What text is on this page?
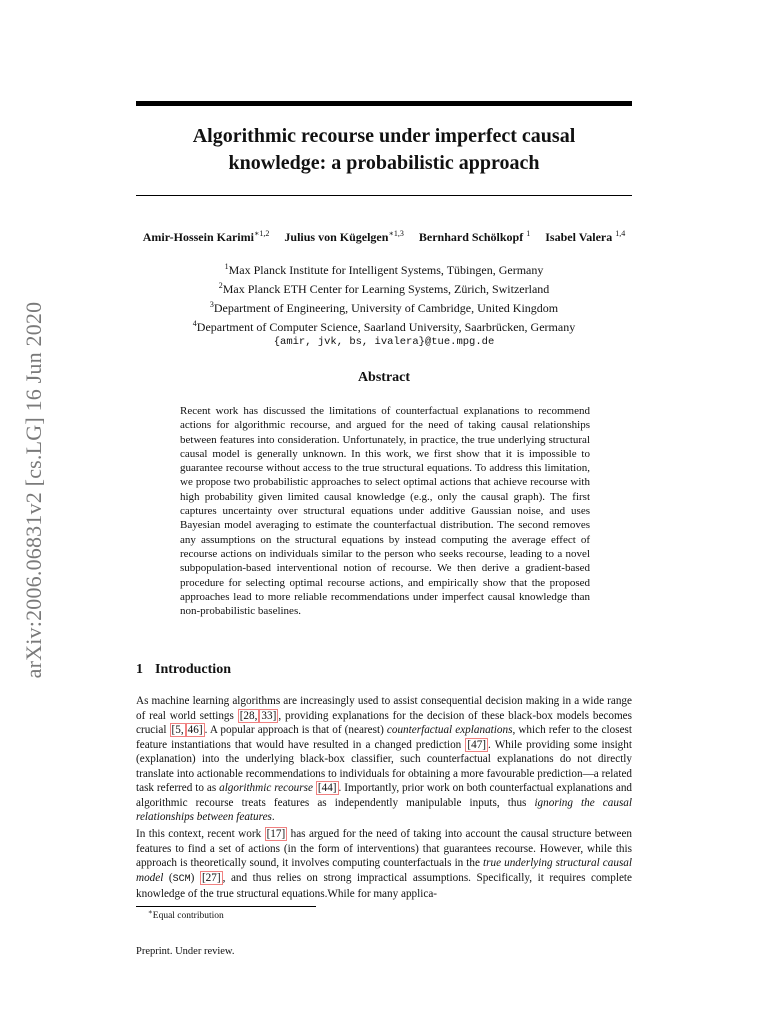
arXiv:2006.06831v2 [cs.LG] 16 Jun 2020
Algorithmic recourse under imperfect causal
knowledge: a probabilistic approach
Amir-Hossein Karimi$^{∗1,2}$ Julius von Kügelgen$^{∗1,3}$ Bernhard Schölkopf $^1$ Isabel Valera $^{1,4}$
$^1$Max Planck Institute for Intelligent Systems, Tübingen, Germany
$^2$Max Planck ETH Center for Learning Systems, Zürich, Switzerland
$^3$Department of Engineering, University of Cambridge, United Kingdom
$^4$Department of Computer Science, Saarland University, Saarbrücken, Germany
{amir, jvk, bs, ivalera}@tue.mpg.de
Abstract
Recent work has discussed the limitations of counterfactual explanations to recommend actions for algorithmic recourse, and argued for the need of taking causal relationships between features into consideration. Unfortunately, in practice, the true underlying structural causal model is generally unknown. In this work, we first show that it is impossible to guarantee recourse without access to the true structural equations. To address this limitation, we propose two probabilistic approaches to select optimal actions that achieve recourse with high probability given limited causal knowledge (e.g., only the causal graph). The first captures uncertainty over structural equations under additive Gaussian noise, and uses Bayesian model averaging to estimate the counterfactual distribution. The second removes any assumptions on the structural equations by instead computing the average effect of recourse actions on individuals similar to the person who seeks recourse, leading to a novel subpopulation-based interventional notion of recourse. We then derive a gradient-based procedure for selecting optimal recourse actions, and empirically show that the proposed approaches lead to more reliable recommendations under imperfect causal knowledge than non-probabilistic baselines.
1 Introduction
As machine learning algorithms are increasingly used to assist consequential decision making in a wide range of real world settings [28, 33] , providing explanations for the decision of these black-box models becomes crucial [5, 46] . A popular approach is that of (nearest) counterfactual explanations, which refer to the closest feature instantiations that would have resulted in a changed prediction [47] . While providing some insight (explanation) into the underlying black-box classifier, such counterfactual explanations do not directly translate into actionable recommendations to individuals for obtaining a more favourable prediction—a related task referred to as algorithmic recourse [44] . Importantly, prior work on both counterfactual explanations and algorithmic recourse treats features as independently manipulable inputs, thus ignoring the causal relationships between features.
In this context, recent work [17] has argued for the need of taking into account the causal structure between features to find a set of actions (in the form of interventions) that guarantees recourse. However, while this approach is theoretically sound, it involves computing counterfactuals in the true underlying structural causal model (SCM) [27] , and thus relies on strong impractical assumptions. Specifically, it requires complete knowledge of the true structural equations.While for many applica-
∗Equal contribution
Preprint. Under review.
